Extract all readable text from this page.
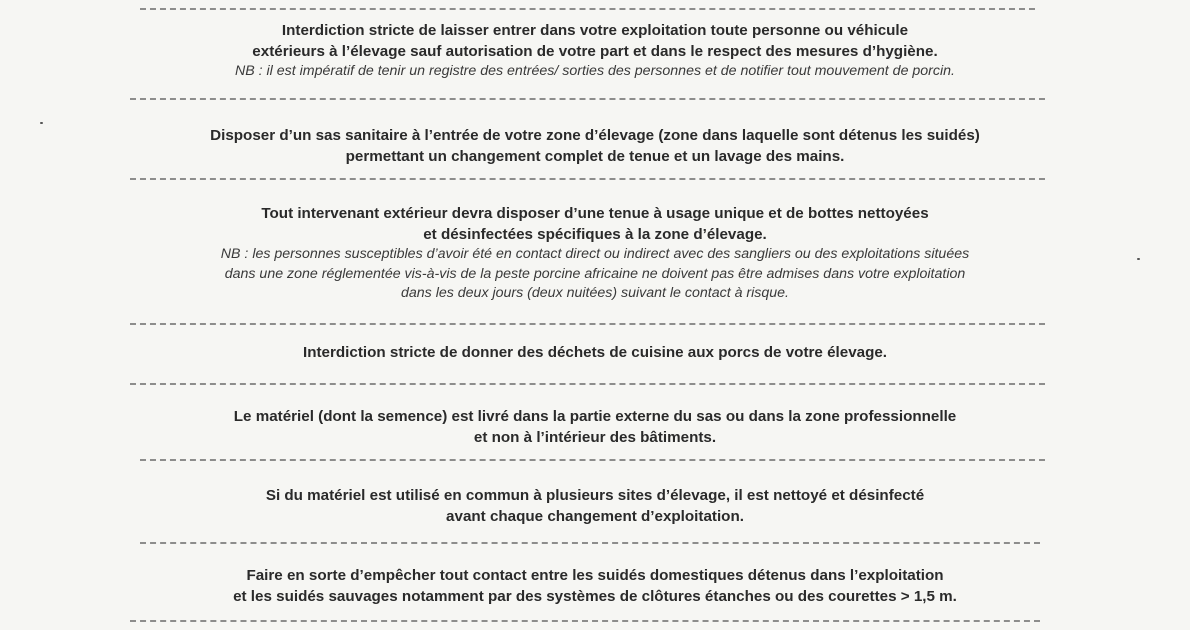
Interdiction stricte de laisser entrer dans votre exploitation toute personne ou véhicule
extérieurs à l’élevage sauf autorisation de votre part et dans le respect des mesures d’hygiène.
NB : il est impératif de tenir un registre des entrées/ sorties des personnes et de notifier tout mouvement de porcin.
Disposer d’un sas sanitaire à l’entrée de votre zone d’élevage (zone dans laquelle sont détenus les suidés)
permettant un changement complet de tenue et un lavage des mains.
Tout intervenant extérieur devra disposer d’une tenue à usage unique et de bottes nettoyées
et désinfectées spécifiques à la zone d’élevage.
NB : les personnes susceptibles d’avoir été en contact direct ou indirect avec des sangliers ou des exploitations situées
dans une zone réglementée vis-à-vis de la peste porcine africaine ne doivent pas être admises dans votre exploitation
dans les deux jours (deux nuitées) suivant le contact à risque.
Interdiction stricte de donner des déchets de cuisine aux porcs de votre élevage.
Le matériel (dont la semence) est livré dans la partie externe du sas ou dans la zone professionnelle
et non à l’intérieur des bâtiments.
Si du matériel est utilisé en commun à plusieurs sites d’élevage, il est nettoyé et désinfecté
avant chaque changement d’exploitation.
Faire en sorte d’empêcher tout contact entre les suidés domestiques détenus dans l’exploitation
et les suidés sauvages notamment par des systèmes de clôtures étanches ou des courettes > 1,5 m.
